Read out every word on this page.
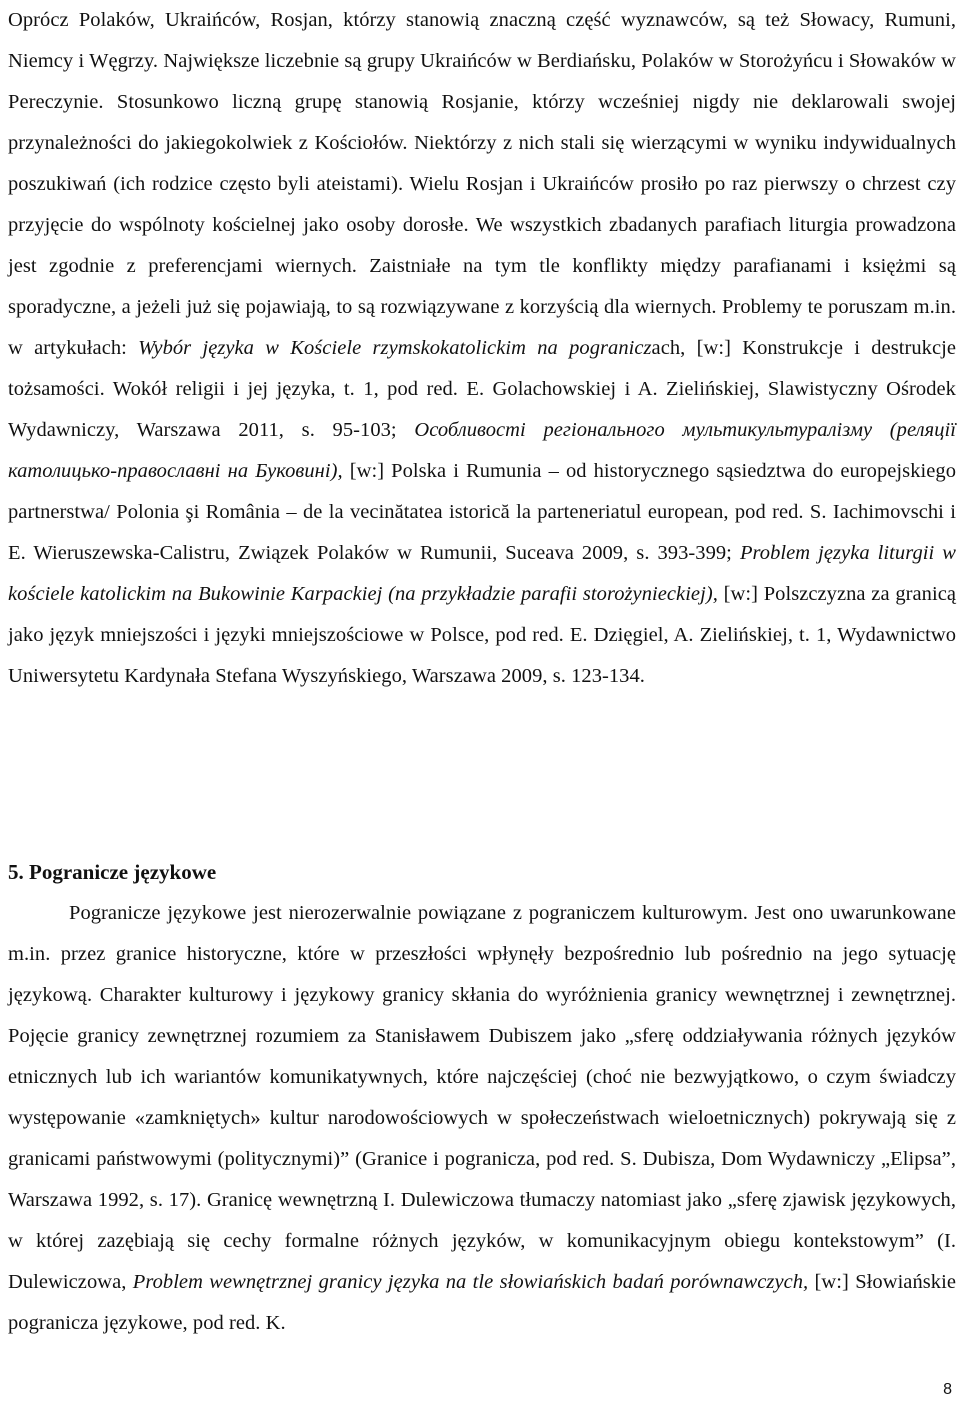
Oprócz Polaków, Ukraińców, Rosjan, którzy stanowią znaczną część wyznawców, są też Słowacy, Rumuni, Niemcy i Węgrzy. Największe liczebnie są grupy Ukraińców w Berdiańsku, Polaków w Storożyńcu i Słowaków w Pereczynie. Stosunkowo liczną grupę stanowią Rosjanie, którzy wcześniej nigdy nie deklarowali swojej przynależności do jakiegokolwiek z Kościołów. Niektórzy z nich stali się wierzącymi w wyniku indywidualnych poszukiwań (ich rodzice często byli ateistami). Wielu Rosjan i Ukraińców prosiło po raz pierwszy o chrzest czy przyjęcie do wspólnoty kościelnej jako osoby dorosłe. We wszystkich zbadanych parafiach liturgia prowadzona jest zgodnie z preferencjami wiernych. Zaistniałe na tym tle konflikty między parafianami i księżmi są sporadyczne, a jeżeli już się pojawiają, to są rozwiązywane z korzyścią dla wiernych. Problemy te poruszam m.in. w artykułach: Wybór języka w Kościele rzymskokatolickim na pograniczach, [w:] Konstrukcje i destrukcje tożsamości. Wokół religii i jej języka, t. 1, pod red. E. Golachowskiej i A. Zielińskiej, Slawistyczny Ośrodek Wydawniczy, Warszawa 2011, s. 95-103; Особливості регіонального мультикультуралізму (реляції католицько-православні на Буковині), [w:] Polska i Rumunia ‒ od historycznego sąsiedztwa do europejskiego partnerstwa/ Polonia şi România ‒ de la vecinătatea istorică la parteneriatul european, pod red. S. Iachimovschi i E. Wieruszewska-Calistru, Związek Polaków w Rumunii, Suceava 2009, s. 393-399; Problem języka liturgii w kościele katolickim na Bukowinie Karpackiej (na przykładzie parafii storożynieckiej), [w:] Polszczyzna za granicą jako język mniejszości i języki mniejszościowe w Polsce, pod red. E. Dzięgiel, A. Zielińskiej, t. 1, Wydawnictwo Uniwersytetu Kardynała Stefana Wyszyńskiego, Warszawa 2009, s. 123-134.

5. Pogranicze językowe

Pogranicze językowe jest nierozerwalnie powiązane z pograniczem kulturowym. Jest ono uwarunkowane m.in. przez granice historyczne, które w przeszłości wpłynęły bezpośrednio lub pośrednio na jego sytuację językową. Charakter kulturowy i językowy granicy skłania do wyróżnienia granicy wewnętrznej i zewnętrznej. Pojęcie granicy zewnętrznej rozumiem za Stanisławem Dubiszem jako „sferę oddziaływania różnych języków etnicznych lub ich wariantów komunikatywnych, które najczęściej (choć nie bezwyjątkowo, o czym świadczy występowanie «zamkniętych» kultur narodowościowych w społeczeństwach wieloetnicznych) pokrywają się z granicami państwowymi (politycznymi)” (Granice i pogranicza, pod red. S. Dubisza, Dom Wydawniczy „Elipsa”, Warszawa 1992, s. 17). Granicę wewnętrzną I. Dulewiczowa tłumaczy natomiast jako „sferę zjawisk językowych, w której zazębiają się cechy formalne różnych języków, w komunikacyjnym obiegu kontekstowym” (I. Dulewiczowa, Problem wewnętrznej granicy języka na tle słowiańskich badań porównawczych, [w:] Słowiańskie pogranicza językowe, pod red. K.

8
